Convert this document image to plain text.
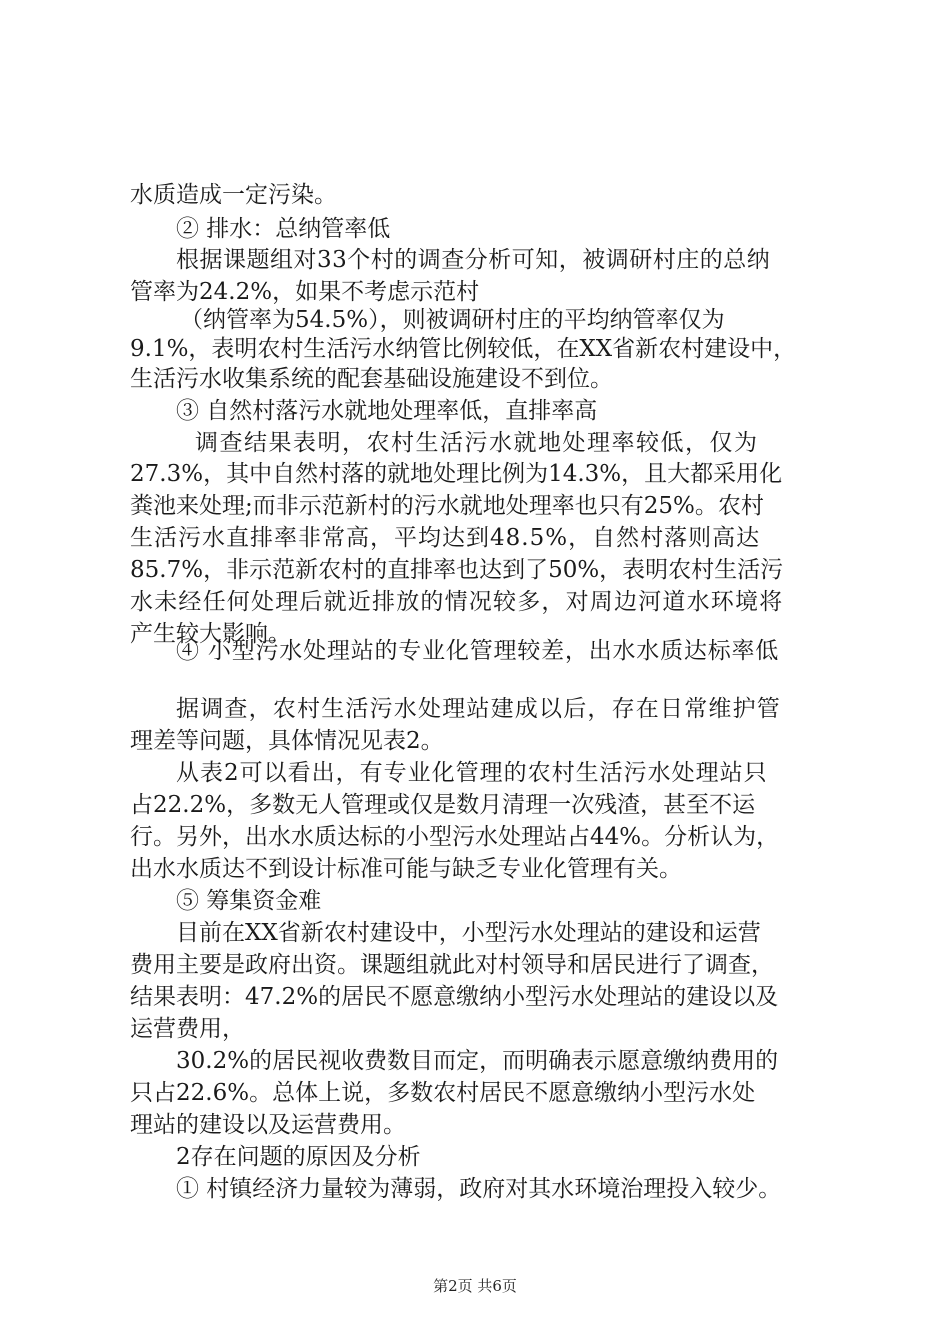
水质造成一定污染。
② 排水：总纳管率低
根据课题组对33个村的调查分析可知，被调研村庄的总纳
管率为24.2%，如果不考虑示范村
（纳管率为54.5%），则被调研村庄的平均纳管率仅为
9.1%，表明农村生活污水纳管比例较低，在XX省新农村建设中，
生活污水收集系统的配套基础设施建设不到位。
③ 自然村落污水就地处理率低，直排率高
调查结果表明，农村生活污水就地处理率较低，仅为
27.3%，其中自然村落的就地处理比例为14.3%，且大都采用化
粪池来处理;而非示范新村的污水就地处理率也只有25%。农村
生活污水直排率非常高，平均达到48.5%，自然村落则高达
85.7%，非示范新农村的直排率也达到了50%，表明农村生活污
水未经任何处理后就近排放的情况较多，对周边河道水环境将
产生较大影响。
④ 小型污水处理站的专业化管理较差，出水水质达标率低
据调查，农村生活污水处理站建成以后，存在日常维护管
理差等问题，具体情况见表2。
从表2可以看出，有专业化管理的农村生活污水处理站只
占22.2%，多数无人管理或仅是数月清理一次残渣，甚至不运
行。另外，出水水质达标的小型污水处理站占44%。分析认为，
出水水质达不到设计标准可能与缺乏专业化管理有关。
⑤ 筹集资金难
目前在XX省新农村建设中，小型污水处理站的建设和运营
费用主要是政府出资。课题组就此对村领导和居民进行了调查，
结果表明：47.2%的居民不愿意缴纳小型污水处理站的建设以及
运营费用，
30.2%的居民视收费数目而定，而明确表示愿意缴纳费用的
只占22.6%。总体上说，多数农村居民不愿意缴纳小型污水处
理站的建设以及运营费用。
2存在问题的原因及分析
① 村镇经济力量较为薄弱，政府对其水环境治理投入较少。
第2页 共6页
